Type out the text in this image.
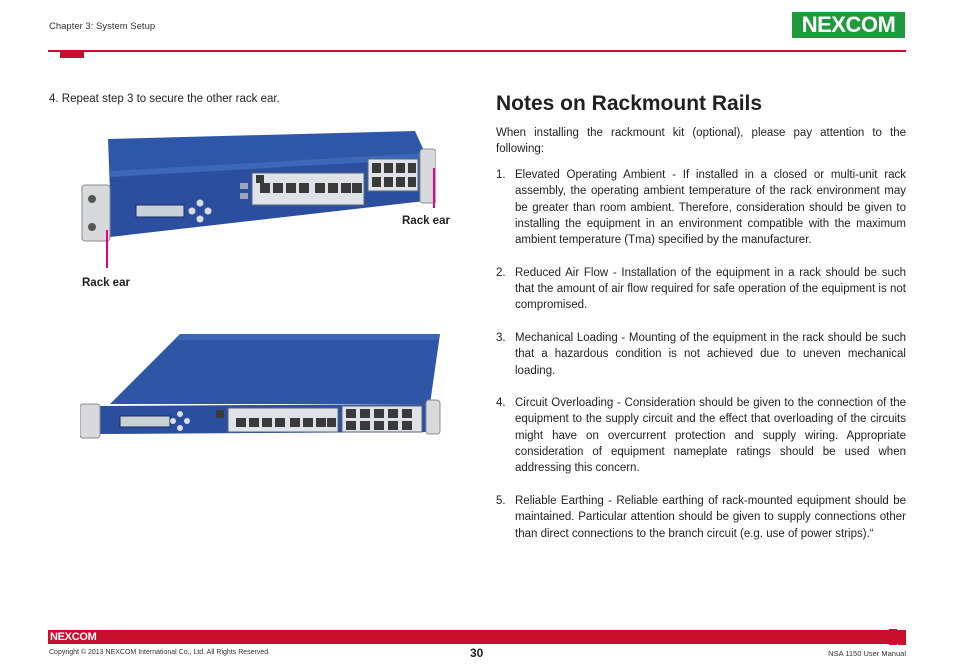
Chapter 3: System Setup	NEXCOM
4. Repeat step 3 to secure the other rack ear.
Rack ear
Rack ear
Notes on Rackmount Rails

When installing the rackmount kit (optional), please pay attention to the following:

1. Elevated Operating Ambient - If installed in a closed or multi-unit rack assembly, the operating ambient temperature of the rack environment may be greater than room ambient. Therefore, consideration should be given to installing the equipment in an environment compatible with the maximum ambient temperature (Tma) specified by the manufacturer.
2. Reduced Air Flow - Installation of the equipment in a rack should be such that the amount of air flow required for safe operation of the equipment is not compromised.
3. Mechanical Loading - Mounting of the equipment in the rack should be such that a hazardous condition is not achieved due to uneven mechanical loading.
4. Circuit Overloading - Consideration should be given to the connection of the equipment to the supply circuit and the effect that overloading of the circuits might have on overcurrent protection and supply wiring. Appropriate consideration of equipment nameplate ratings should be used when addressing this concern.
5. Reliable Earthing - Reliable earthing of rack-mounted equipment should be maintained. Particular attention should be given to supply connections other than direct connections to the branch circuit (e.g. use of power strips).“
NEXCOM
Copyright © 2013 NEXCOM International Co., Ltd. All Rights Reserved.	30	NSA 1150 User Manual
